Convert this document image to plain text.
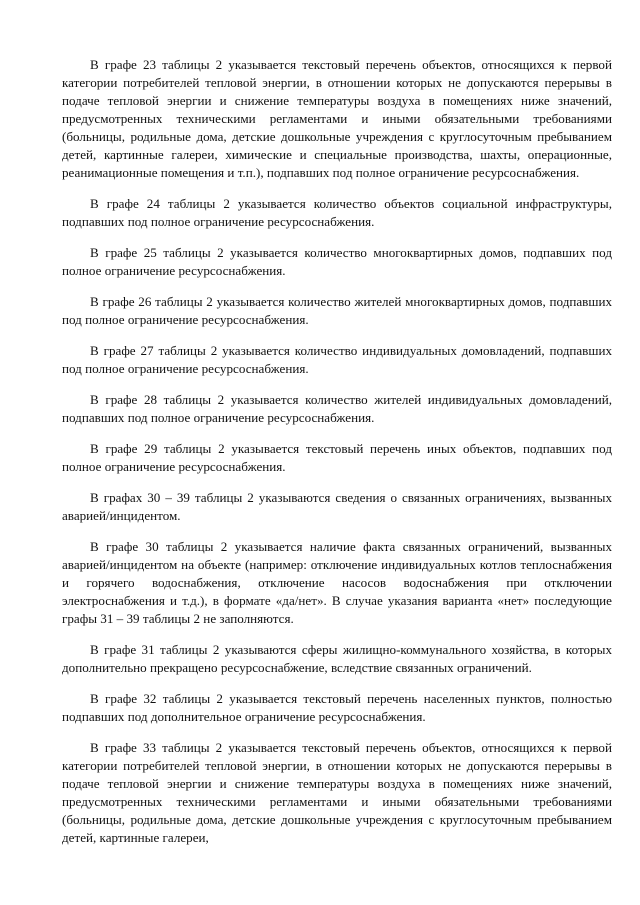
В графе 23 таблицы 2 указывается текстовый перечень объектов, относящихся к первой категории потребителей тепловой энергии, в отношении которых не допускаются перерывы в подаче тепловой энергии и снижение температуры воздуха в помещениях ниже значений, предусмотренных техническими регламентами и иными обязательными требованиями (больницы, родильные дома, детские дошкольные учреждения с круглосуточным пребыванием детей, картинные галереи, химические и специальные производства, шахты, операционные, реанимационные помещения и т.п.), подпавших под полное ограничение ресурсоснабжения.

В графе 24 таблицы 2 указывается количество объектов социальной инфраструктуры, подпавших под полное ограничение ресурсоснабжения.

В графе 25 таблицы 2 указывается количество многоквартирных домов, подпавших под полное ограничение ресурсоснабжения.

В графе 26 таблицы 2 указывается количество жителей многоквартирных домов, подпавших под полное ограничение ресурсоснабжения.

В графе 27 таблицы 2 указывается количество индивидуальных домовладений, подпавших под полное ограничение ресурсоснабжения.

В графе 28 таблицы 2 указывается количество жителей индивидуальных домовладений, подпавших под полное ограничение ресурсоснабжения.

В графе 29 таблицы 2 указывается текстовый перечень иных объектов, подпавших под полное ограничение ресурсоснабжения.

В графах 30 – 39 таблицы 2 указываются сведения о связанных ограничениях, вызванных аварией/инцидентом.

В графе 30 таблицы 2 указывается наличие факта связанных ограничений, вызванных аварией/инцидентом на объекте (например: отключение индивидуальных котлов теплоснабжения и горячего водоснабжения, отключение насосов водоснабжения при отключении электроснабжения и т.д.), в формате «да/нет». В случае указания варианта «нет» последующие графы 31 – 39 таблицы 2 не заполняются.

В графе 31 таблицы 2 указываются сферы жилищно-коммунального хозяйства, в которых дополнительно прекращено ресурсоснабжение, вследствие связанных ограничений.

В графе 32 таблицы 2 указывается текстовый перечень населенных пунктов, полностью подпавших под дополнительное ограничение ресурсоснабжения.

В графе 33 таблицы 2 указывается текстовый перечень объектов, относящихся к первой категории потребителей тепловой энергии, в отношении которых не допускаются перерывы в подаче тепловой энергии и снижение температуры воздуха в помещениях ниже значений, предусмотренных техническими регламентами и иными обязательными требованиями (больницы, родильные дома, детские дошкольные учреждения с круглосуточным пребыванием детей, картинные галереи,
